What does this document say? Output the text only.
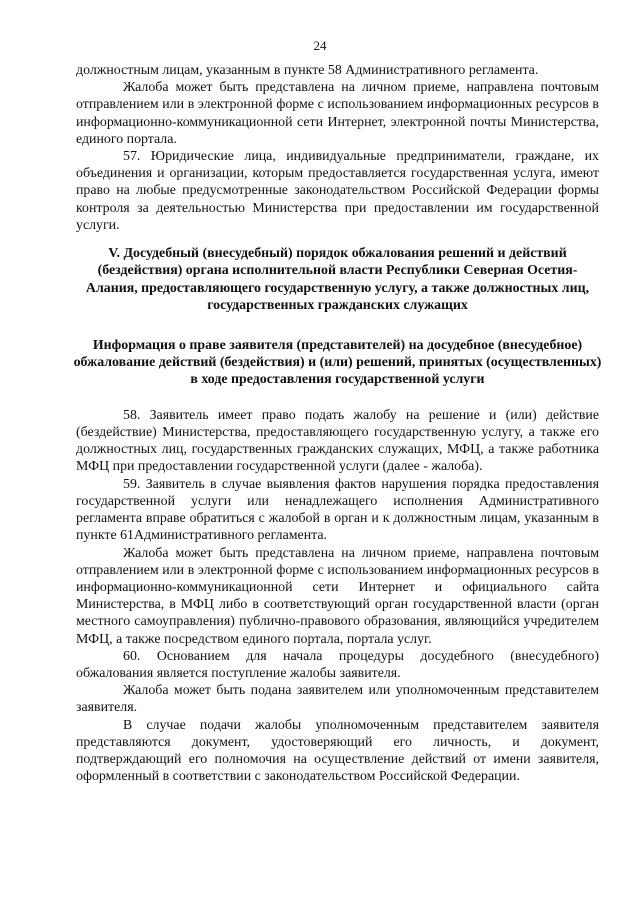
24

должностным лицам, указанным в пункте 58 Административного регламента.

Жалоба может быть представлена на личном приеме, направлена почтовым отправлением или в электронной форме с использованием информационных ресурсов в информационно-коммуникационной сети Интернет, электронной почты Министерства, единого портала.

57. Юридические лица, индивидуальные предприниматели, граждане, их объединения и организации, которым предоставляется государственная услуга, имеют право на любые предусмотренные законодательством Российской Федерации формы контроля за деятельностью Министерства при предоставлении им государственной услуги.

V. Досудебный (внесудебный) порядок обжалования решений и действий (бездействия) органа исполнительной власти Республики Северная Осетия-Алания, предоставляющего государственную услугу, а также должностных лиц, государственных гражданских служащих
Информация о праве заявителя (представителей) на досудебное (внесудебное) обжалование действий (бездействия) и (или) решений, принятых (осуществленных) в ходе предоставления государственной услуги

58. Заявитель имеет право подать жалобу на решение и (или) действие (бездействие) Министерства, предоставляющего государственную услугу, а также его должностных лиц, государственных гражданских служащих, МФЦ, а также работника МФЦ при предоставлении государственной услуги (далее - жалоба).

59. Заявитель в случае выявления фактов нарушения порядка предоставления государственной услуги или ненадлежащего исполнения Административного регламента вправе обратиться с жалобой в орган и к должностным лицам, указанным в пункте 61Административного регламента.

Жалоба может быть представлена на личном приеме, направлена почтовым отправлением или в электронной форме с использованием информационных ресурсов в информационно-коммуникационной сети Интернет и официального сайта Министерства, в МФЦ либо в соответствующий орган государственной власти (орган местного самоуправления) публично-правового образования, являющийся учредителем МФЦ, а также посредством единого портала, портала услуг.

60. Основанием для начала процедуры досудебного (внесудебного) обжалования является поступление жалобы заявителя.

Жалоба может быть подана заявителем или уполномоченным представителем заявителя.

В случае подачи жалобы уполномоченным представителем заявителя представляются документ, удостоверяющий его личность, и документ, подтверждающий его полномочия на осуществление действий от имени заявителя, оформленный в соответствии с законодательством Российской Федерации.
